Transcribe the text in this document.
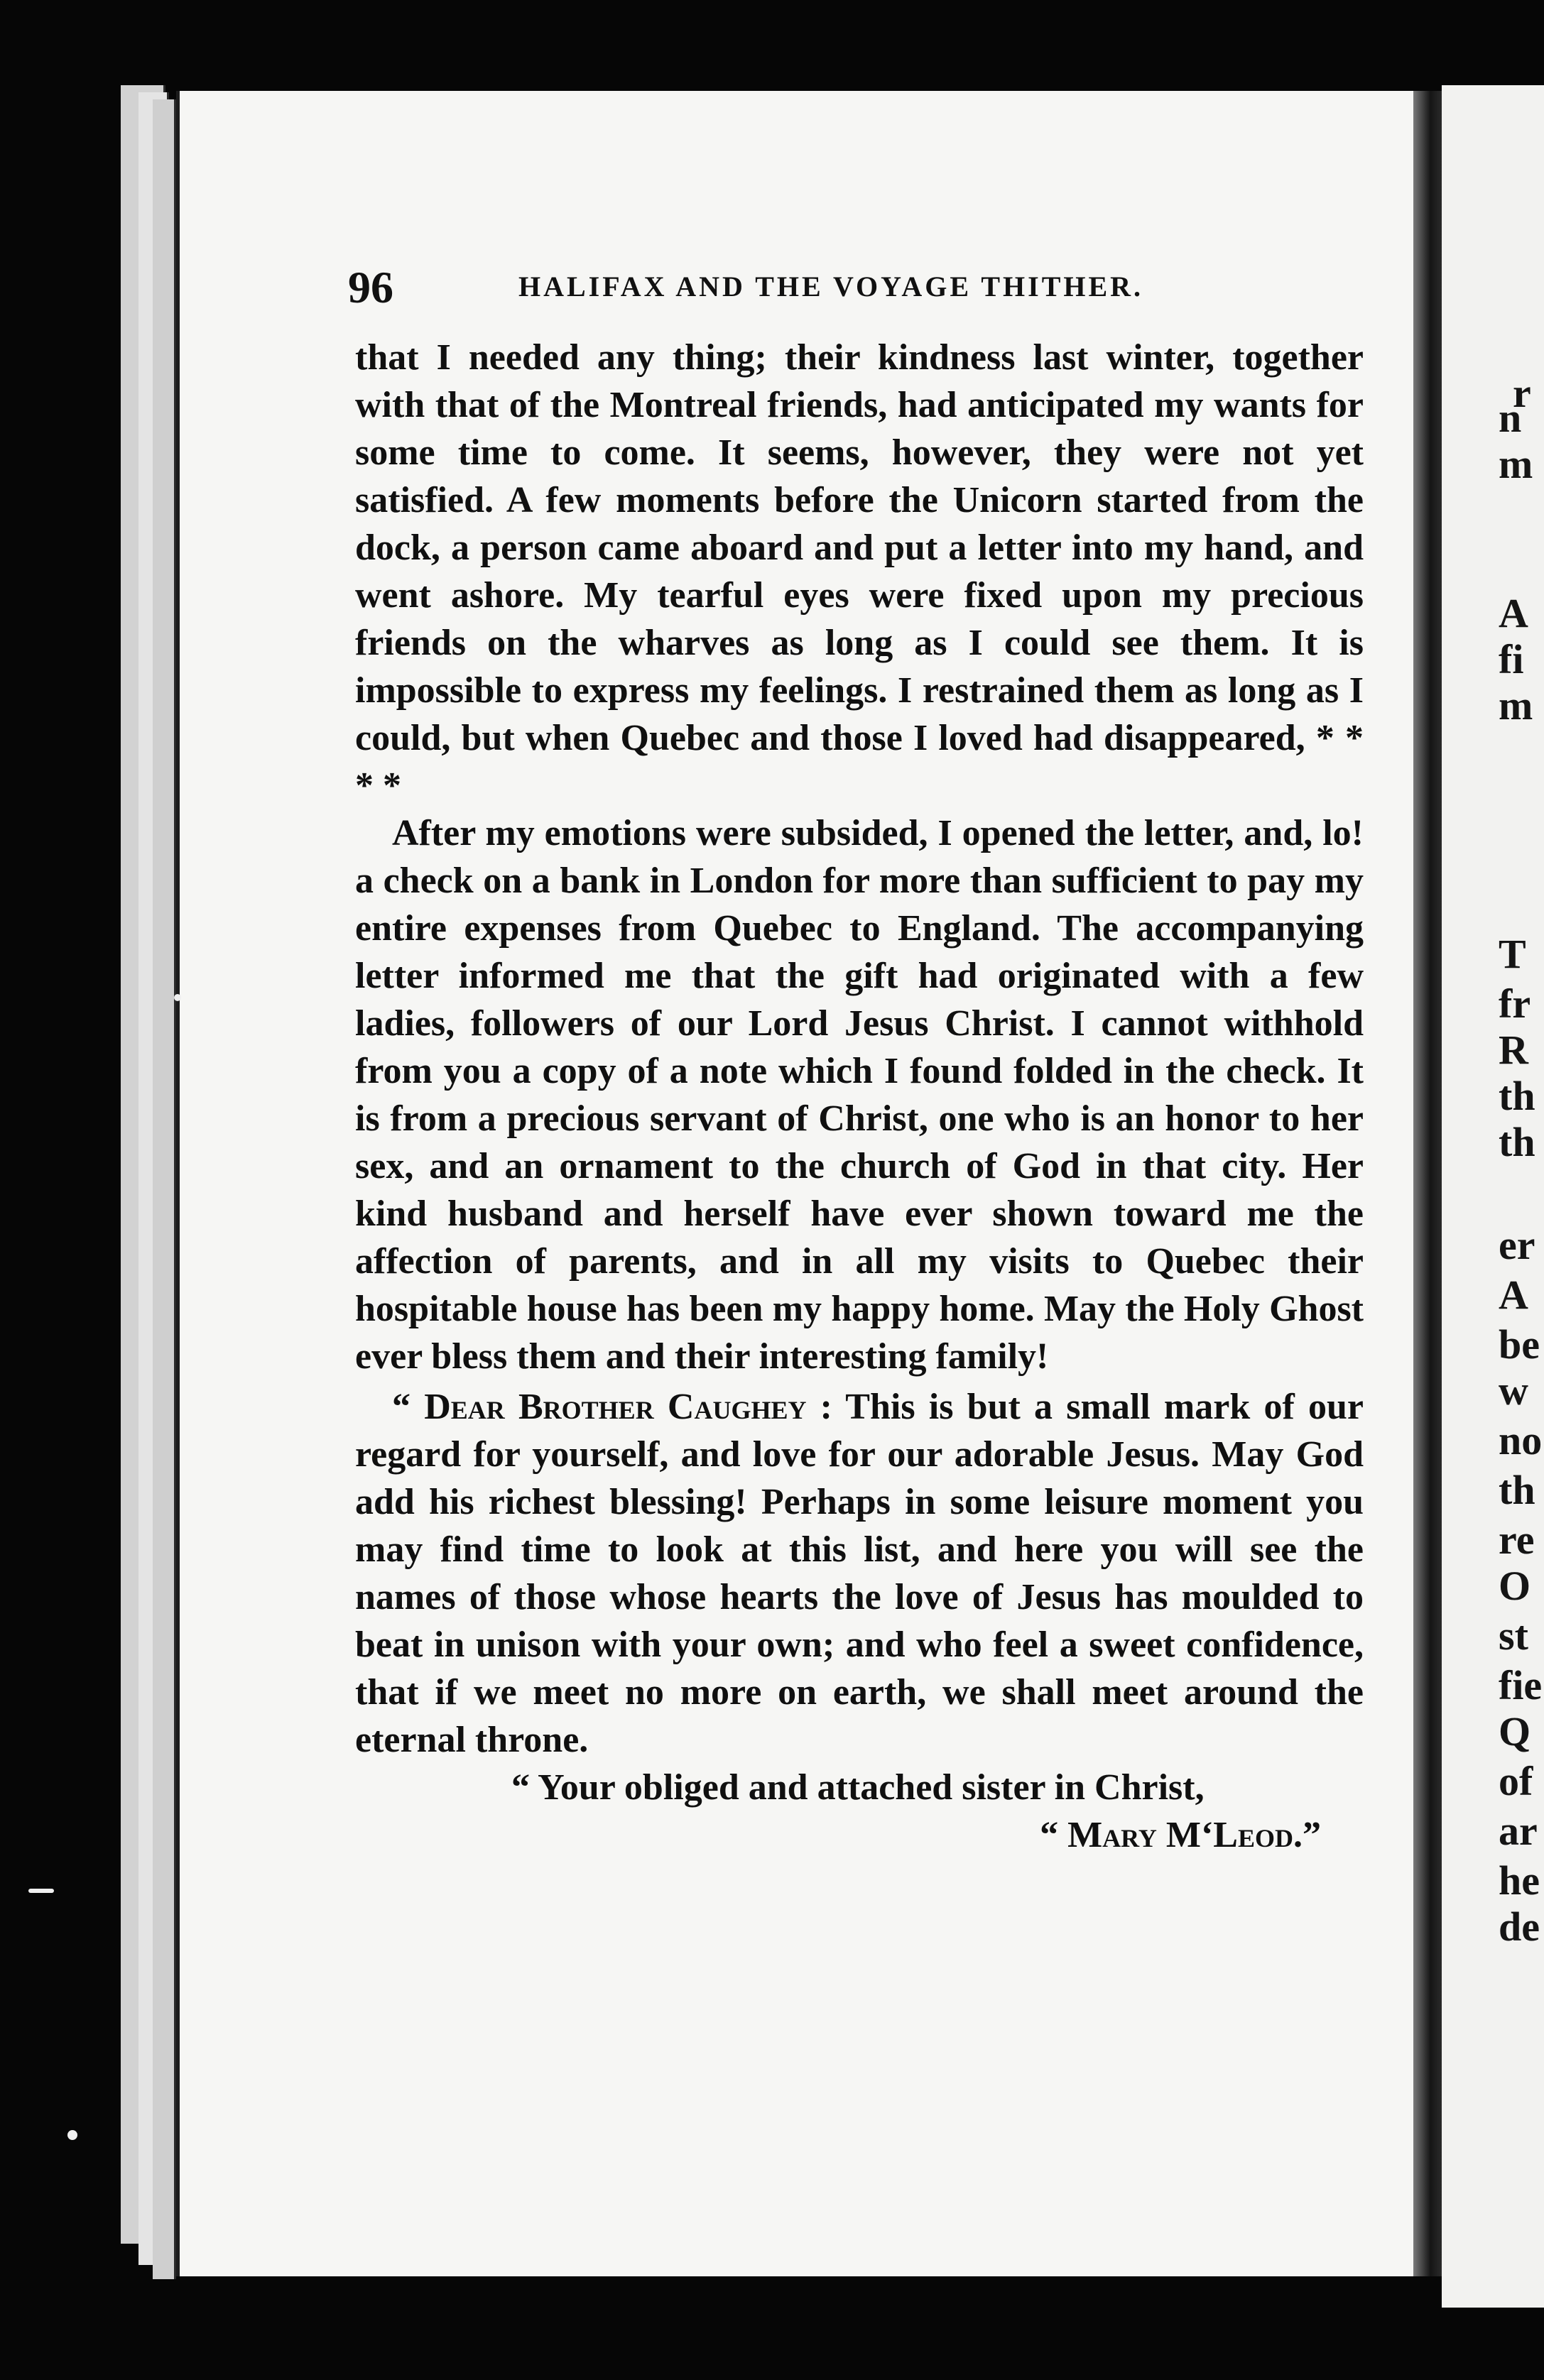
r
n
m
A
fi
m
T
fr
R
th
th
er
A
be
w
no
th
re
O
st
fie
Q
of
ar
he
de
96	HALIFAX AND THE VOYAGE THITHER.

that I needed any thing; their kindness last winter, together with that of the Montreal friends, had anticipated my wants for some time to come. It seems, however, they were not yet satisfied. A few moments before the Unicorn started from the dock, a person came aboard and put a letter into my hand, and went ashore. My tearful eyes were fixed upon my precious friends on the wharves as long as I could see them. It is impossible to express my feelings. I restrained them as long as I could, but when Quebec and those I loved had disappeared, * * * *

After my emotions were subsided, I opened the letter, and, lo! a check on a bank in London for more than sufficient to pay my entire expenses from Quebec to England. The accompanying letter informed me that the gift had originated with a few ladies, followers of our Lord Jesus Christ. I cannot withhold from you a copy of a note which I found folded in the check. It is from a precious servant of Christ, one who is an honor to her sex, and an ornament to the church of God in that city. Her kind husband and herself have ever shown toward me the affection of parents, and in all my visits to Quebec their hospitable house has been my happy home. May the Holy Ghost ever bless them and their interesting family!

“ Dear Brother Caughey : This is but a small mark of our regard for yourself, and love for our adorable Jesus. May God add his richest blessing! Perhaps in some leisure moment you may find time to look at this list, and here you will see the names of those whose hearts the love of Jesus has moulded to beat in unison with your own; and who feel a sweet confidence, that if we meet no more on earth, we shall meet around the eternal throne.

“ Your obliged and attached sister in Christ,

“ Mary M‘Leod.”
